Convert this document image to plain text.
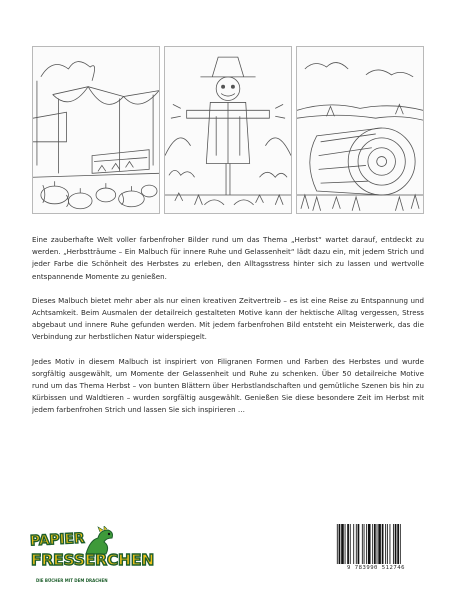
Eine zauberhafte Welt voller farbenfroher Bilder rund um das Thema „Herbst“ wartet darauf, entdeckt zu werden. „Herbstträume – Ein Malbuch für innere Ruhe und Gelassenheit“ lädt dazu ein, mit jedem Strich und jeder Farbe die Schönheit des Herbstes zu erleben, den Alltagsstress hinter sich zu lassen und wertvolle entspannende Momente zu genießen.

Dieses Malbuch bietet mehr aber als nur einen kreativen Zeitvertreib – es ist eine Reise zu Entspannung und Achtsamkeit. Beim Ausmalen der detailreich gestalteten Motive kann der hektische Alltag vergessen, Stress abgebaut und innere Ruhe gefunden werden. Mit jedem farbenfrohen Bild entsteht ein Meisterwerk, das die Verbindung zur herbstlichen Natur widerspiegelt.

Jedes Motiv in diesem Malbuch ist inspiriert von Filigranen Formen und Farben des Herbstes und wurde sorgfältig ausgewählt, um Momente der Gelassenheit und Ruhe zu schenken. Über 50 detailreiche Motive rund um das Thema Herbst – von bunten Blättern über Herbstlandschaften und gemütliche Szenen bis hin zu Kürbissen und Waldtieren – wurden sorgfältig ausgewählt. Genießen Sie diese besondere Zeit im Herbst mit jedem farbenfrohen Strich und lassen Sie sich inspirieren …

PAPIER
FRESSERCHEN
DIE BÜCHER MIT DEM DRACHEN
9 783990 512746
